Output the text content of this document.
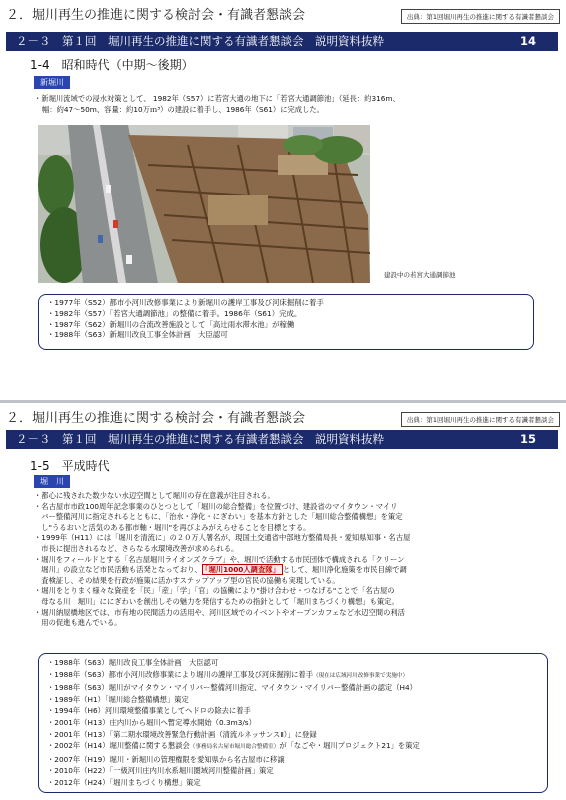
２．堀川再生の推進に関する検討会・有識者懇談会	出典：第1回堀川再生の推進に関する有識者懇談会
２－３　第１回　堀川再生の推進に関する有識者懇談会　説明資料抜粋	14
1-4　昭和時代（中期～後期）
新堀川

・新堀川流域での浸水対策として、 1982年（S57）に若宮大通の地下に「若宮大通調節池」（延長：約316m、

幅：約47～50m、容量：約10万ｍ³）の建設に着手し、1986年（S61）に完成した。

建設中の若宮大通調節池
・1977年（S52）都市小河川改修事業により新堀川の護岸工事及び河床掘削に着手
・1982年（S57）「若宮大通調節池」の整備に着手。1986年（S61）完成。
・1987年（S62）新堀川の合流改善施設として「高辻雨水滞水池」が稼働
・1988年（S63）新堀川改良工事全体計画　大臣認可
２．堀川再生の推進に関する検討会・有識者懇談会	出典：第1回堀川再生の推進に関する有識者懇談会
２－３　第１回　堀川再生の推進に関する有識者懇談会　説明資料抜粋	15
1-5　平成時代
堀　川

・都心に残された数少ない水辺空間として堀川の存在意義が注目される。

・名古屋市市政100周年記念事業のひとつとして「堀川の総合整備」を位置づけ、建設省のマイタウン・マイリ

　バー整備河川に指定されるとともに、「治水・浄化・にぎわい」を基本方針とした「堀川総合整備構想」を策定

　し"うるおいと活気のある都市軸・堀川"を再びよみがえらせることを目標とする。

・1999年（H11）には「堀川を清流に」の２０万人署名が、現国土交通省中部地方整備局長・愛知県知事・名古屋

　市長に提出されるなど、さらなる水環境改善が求められる。

・堀川をフィールドとする「名古屋堀川ライオンズクラブ」や、堀川で活動する市民団体で構成される「クリーン

　堀川」の設立など市民活動も活発となっており、 「堀川1000人調査隊」 として、堀川浄化施策を市民目線で調

　査検証し、その結果を行政が施策に活かすステップアップ型の官民の協働も実現している。

・堀川をとりまく様々な資産を「民」「産」「学」「官」の協働により"掛け合わせ・つなげる"ことで「名古屋の

　母なる川　堀川」ににぎわいを創出しその魅力を発信するための指針として「堀川まちづくり構想」も策定。

・堀川納屋橋地区では、市有地の民間活力の活用や、河川区域でのイベントやオープンカフェなど水辺空間の利活

　用の促進も進んでいる。

・1988年（S63）堀川改良工事全体計画　大臣認可
・1988年（S63）都市小河川改修事業により堀川の護岸工事及び河床掘削に着手（現在は広域河川改修事業で実施中）
・1988年（S63）堀川がマイタウン・マイリバー整備河川指定、マイタウン・マイリバー整備計画の認定（H4）
・1989年（H1）「堀川総合整備構想」策定
・1994年（H6）河川環境整備事業としてヘドロの除去に着手
・2001年（H13）庄内川から堀川へ暫定導水開始（0.3m3/s）
・2001年（H13）「第二期水環境改善緊急行動計画（清流ルネッサンスⅡ）」に登録
・2002年（H14）堀川整備に関する懇談会（事務局名古屋市堀川総合整備室）が「なごや・堀川プロジェクト21」を策定
・2007年（H19）堀川・新堀川の管理権限を愛知県から名古屋市に移譲
・2010年（H22）「一級河川庄内川水系堀川圏域河川整備計画」策定
・2012年（H24）「堀川まちづくり構想」策定
